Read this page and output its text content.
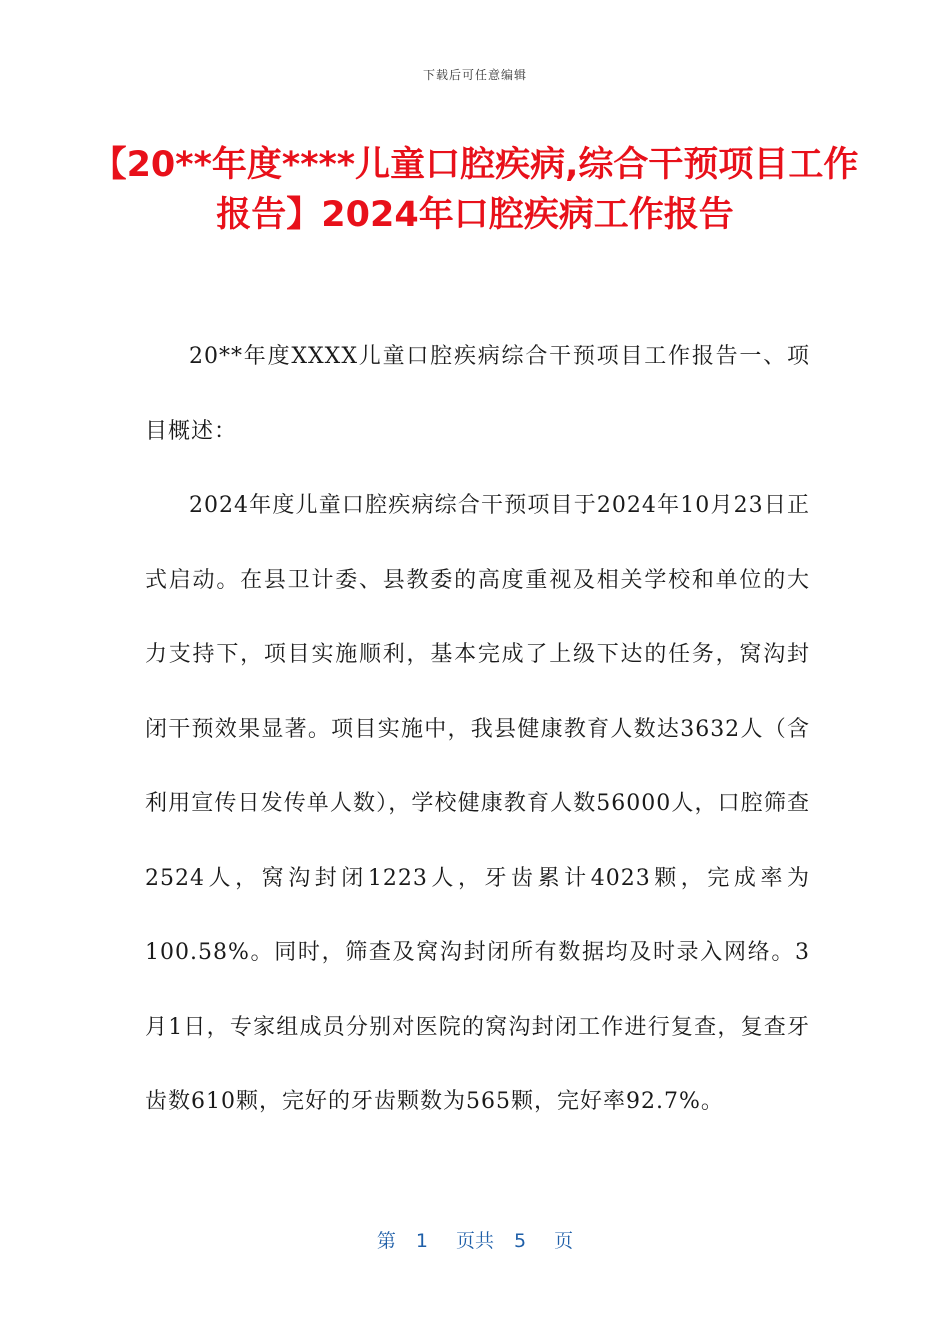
下载后可任意编辑
【20**年度****儿童口腔疾病,综合干预项目工作报告】2024年口腔疾病工作报告

20**年度XXXX儿童口腔疾病综合干预项目工作报告一、项目概述：

2024年度儿童口腔疾病综合干预项目于2024年10月23日正式启动。在县卫计委、县教委的高度重视及相关学校和单位的大力支持下，项目实施顺利，基本完成了上级下达的任务，窝沟封闭干预效果显著。项目实施中，我县健康教育人数达3632人（含利用宣传日发传单人数），学校健康教育人数56000人，口腔筛查2524人，窝沟封闭1223人，牙齿累计4023颗，完成率为100.58%。同时，筛查及窝沟封闭所有数据均及时录入网络。3月1日，专家组成员分别对医院的窝沟封闭工作进行复查，复查牙齿数610颗，完好的牙齿颗数为565颗，完好率92.7%。

第 1 页共 5 页
